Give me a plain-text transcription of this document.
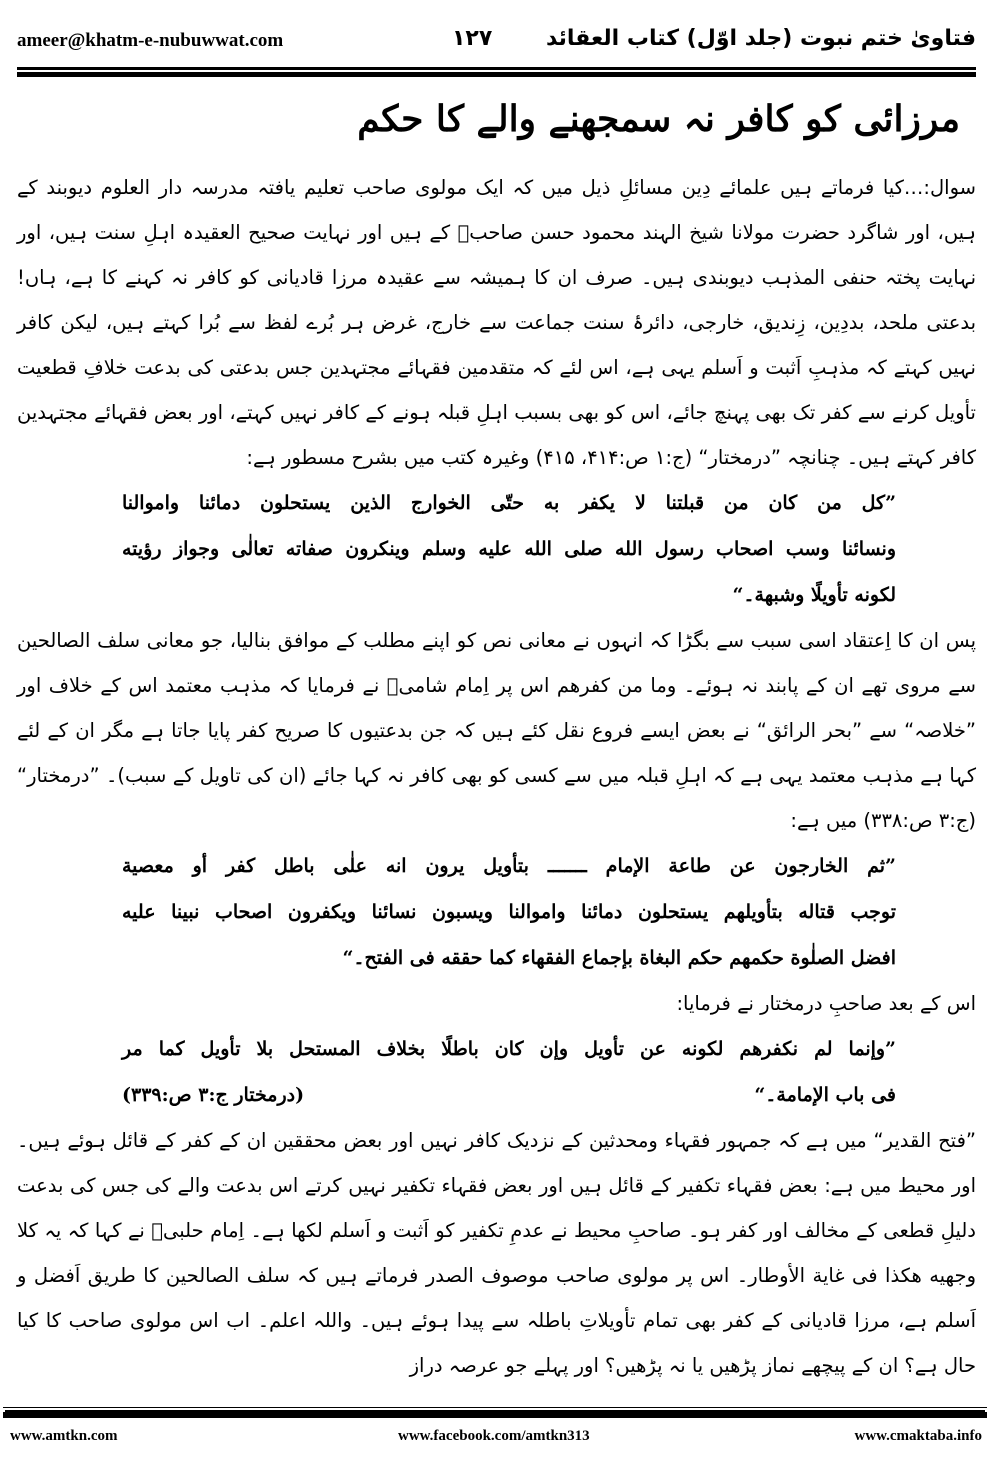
ameer@khatm-e-nubuwwat.com	۱۲۷ فتاویٰ ختم نبوت (جلد اوّل) کتاب العقائد
مرزائی کو کافر نہ سمجھنے والے کا حکم

سوال:…کیا فرماتے ہیں علمائے دِین مسائلِ ذیل میں کہ ایک مولوی صاحب تعلیم یافتہ مدرسہ دار العلوم دیوبند کے ہیں، اور شاگرد حضرت مولانا شیخ الہند محمود حسن صاحبؒ کے ہیں اور نہایت صحیح العقیدہ اہلِ سنت ہیں، اور نہایت پختہ حنفی المذہب دیوبندی ہیں۔ صرف ان کا ہمیشہ سے عقیدہ مرزا قادیانی کو کافر نہ کہنے کا ہے، ہاں! بدعتی ملحد، بددِین، زِندیق، خارجی، دائرۂ سنت جماعت سے خارج، غرض ہر بُرے لفظ سے بُرا کہتے ہیں، لیکن کافر نہیں کہتے کہ مذہبِ اَثبت و اَسلم یہی ہے، اس لئے کہ متقدمین فقہائے مجتہدین جس بدعتی کی بدعت خلافِ قطعیت تأویل کرنے سے کفر تک بھی پہنچ جائے، اس کو بھی بسبب اہلِ قبلہ ہونے کے کافر نہیں کہتے، اور بعض فقہائے مجتہدین کافر کہتے ہیں۔ چنانچہ ”درمختار“ (ج:۱ ص:۴۱۴، ۴۱۵) وغیرہ کتب میں بشرح مسطور ہے:

”کل من کان من قبلتنا لا یکفر به حتّی الخوارج الذین یستحلون دمائنا واموالنا
ونسائنا وسب اصحاب رسول الله صلی الله علیه وسلم وینکرون صفاته تعالٰی وجواز رؤیته
لکونه تأویلًا وشبهة۔“

پس ان کا اِعتقاد اسی سبب سے بگڑا کہ انہوں نے معانی نص کو اپنے مطلب کے موافق بنالیا، جو معانی سلف الصالحین سے مروی تھے ان کے پابند نہ ہوئے۔ وما من کفرهم اس پر اِمام شامیؒ نے فرمایا کہ مذہب معتمد اس کے خلاف اور ”خلاصہ“ سے ”بحر الرائق“ نے بعض ایسے فروع نقل کئے ہیں کہ جن بدعتیوں کا صریح کفر پایا جاتا ہے مگر ان کے لئے کہا ہے مذہب معتمد یہی ہے کہ اہلِ قبلہ میں سے کسی کو بھی کافر نہ کہا جائے (ان کی تاویل کے سبب)۔ ”درمختار“ (ج:۳ ص:۳۳۸) میں ہے:

”ثم الخارجون عن طاعة الإمام ـــــــ بتأویل یرون انه علٰی باطل کفر أو معصیة
توجب قتاله بتأویلهم یستحلون دمائنا واموالنا ویسبون نسائنا ویکفرون اصحاب نبینا علیه
افضل الصلٰوة حکمهم حکم البغاة بإجماع الفقهاء کما حققه فی الفتح۔“

اس کے بعد صاحبِ درمختار نے فرمایا:

”وإنما لم نکفرهم لکونه عن تأویل وإن کان باطلًا بخلاف المستحل بلا تأویل کما مر
فی باب الإمامة۔“
(درمختار ج:۳ ص:۳۳۹)

”فتح القدیر“ میں ہے کہ جمہور فقہاء ومحدثین کے نزدیک کافر نہیں اور بعض محققین ان کے کفر کے قائل ہوئے ہیں۔ اور محیط میں ہے: بعض فقہاء تکفیر کے قائل ہیں اور بعض فقہاء تکفیر نہیں کرتے اس بدعت والے کی جس کی بدعت دلیلِ قطعی کے مخالف اور کفر ہو۔ صاحبِ محیط نے عدمِ تکفیر کو اَثبت و اَسلم لکھا ہے۔ اِمام حلبیؒ نے کہا کہ یہ کلا وجهیه هکذا فی غایة الأوطار۔ اس پر مولوی صاحب موصوف الصدر فرماتے ہیں کہ سلف الصالحین کا طریق اَفضل و اَسلم ہے، مرزا قادیانی کے کفر بھی تمام تأویلاتِ باطلہ سے پیدا ہوئے ہیں۔ واللہ اعلم۔ اب اس مولوی صاحب کا کیا حال ہے؟ ان کے پیچھے نماز پڑھیں یا نہ پڑھیں؟ اور پہلے جو عرصہ دراز

www.amtkn.com	www.facebook.com/amtkn313	www.cmaktaba.info
